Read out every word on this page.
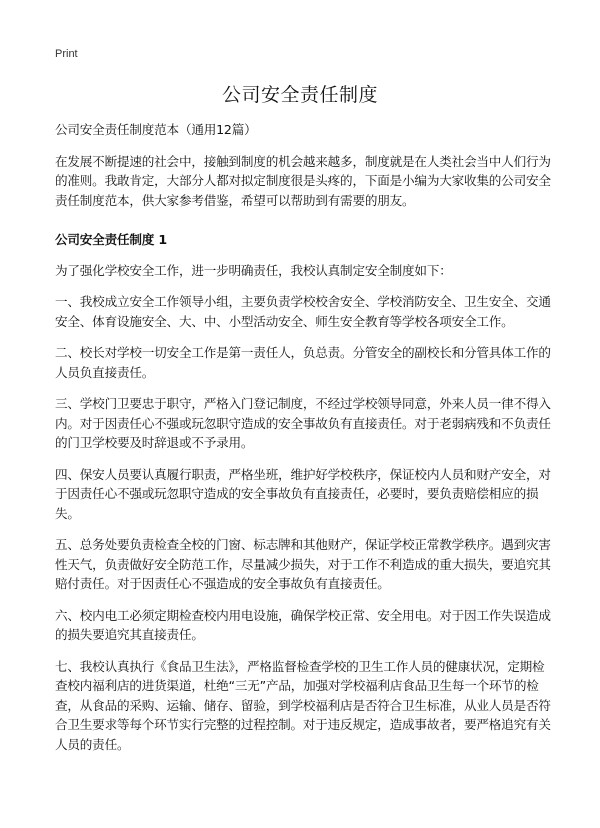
Print
公司安全责任制度

公司安全责任制度范本（通用12篇）

在发展不断提速的社会中，接触到制度的机会越来越多，制度就是在人类社会当中人们行为的准则。我敢肯定，大部分人都对拟定制度很是头疼的，下面是小编为大家收集的公司安全责任制度范本，供大家参考借鉴，希望可以帮助到有需要的朋友。

公司安全责任制度 1

为了强化学校安全工作，进一步明确责任，我校认真制定安全制度如下：

一、我校成立安全工作领导小组，主要负责学校校舍安全、学校消防安全、卫生安全、交通安全、体育设施安全、大、中、小型活动安全、师生安全教育等学校各项安全工作。

二、校长对学校一切安全工作是第一责任人，负总责。分管安全的副校长和分管具体工作的人员负直接责任。

三、学校门卫要忠于职守，严格入门登记制度，不经过学校领导同意，外来人员一律不得入内。对于因责任心不强或玩忽职守造成的安全事故负有直接责任。对于老弱病残和不负责任的门卫学校要及时辞退或不予录用。

四、保安人员要认真履行职责，严格坐班，维护好学校秩序，保证校内人员和财产安全，对于因责任心不强或玩忽职守造成的安全事故负有直接责任，必要时，要负责赔偿相应的损失。

五、总务处要负责检查全校的门窗、标志牌和其他财产，保证学校正常教学秩序。遇到灾害性天气，负责做好安全防范工作，尽量减少损失，对于工作不利造成的重大损失，要追究其赔付责任。对于因责任心不强造成的安全事故负有直接责任。

六、校内电工必须定期检查校内用电设施，确保学校正常、安全用电。对于因工作失误造成的损失要追究其直接责任。

七、我校认真执行《食品卫生法》，严格监督检查学校的卫生工作人员的健康状况，定期检查校内福利店的进货渠道，杜绝“三无”产品，加强对学校福利店食品卫生每一个环节的检查，从食品的采购、运输、储存、留验，到学校福利店是否符合卫生标准，从业人员是否符合卫生要求等每个环节实行完整的过程控制。对于违反规定，造成事故者，要严格追究有关人员的责任。
